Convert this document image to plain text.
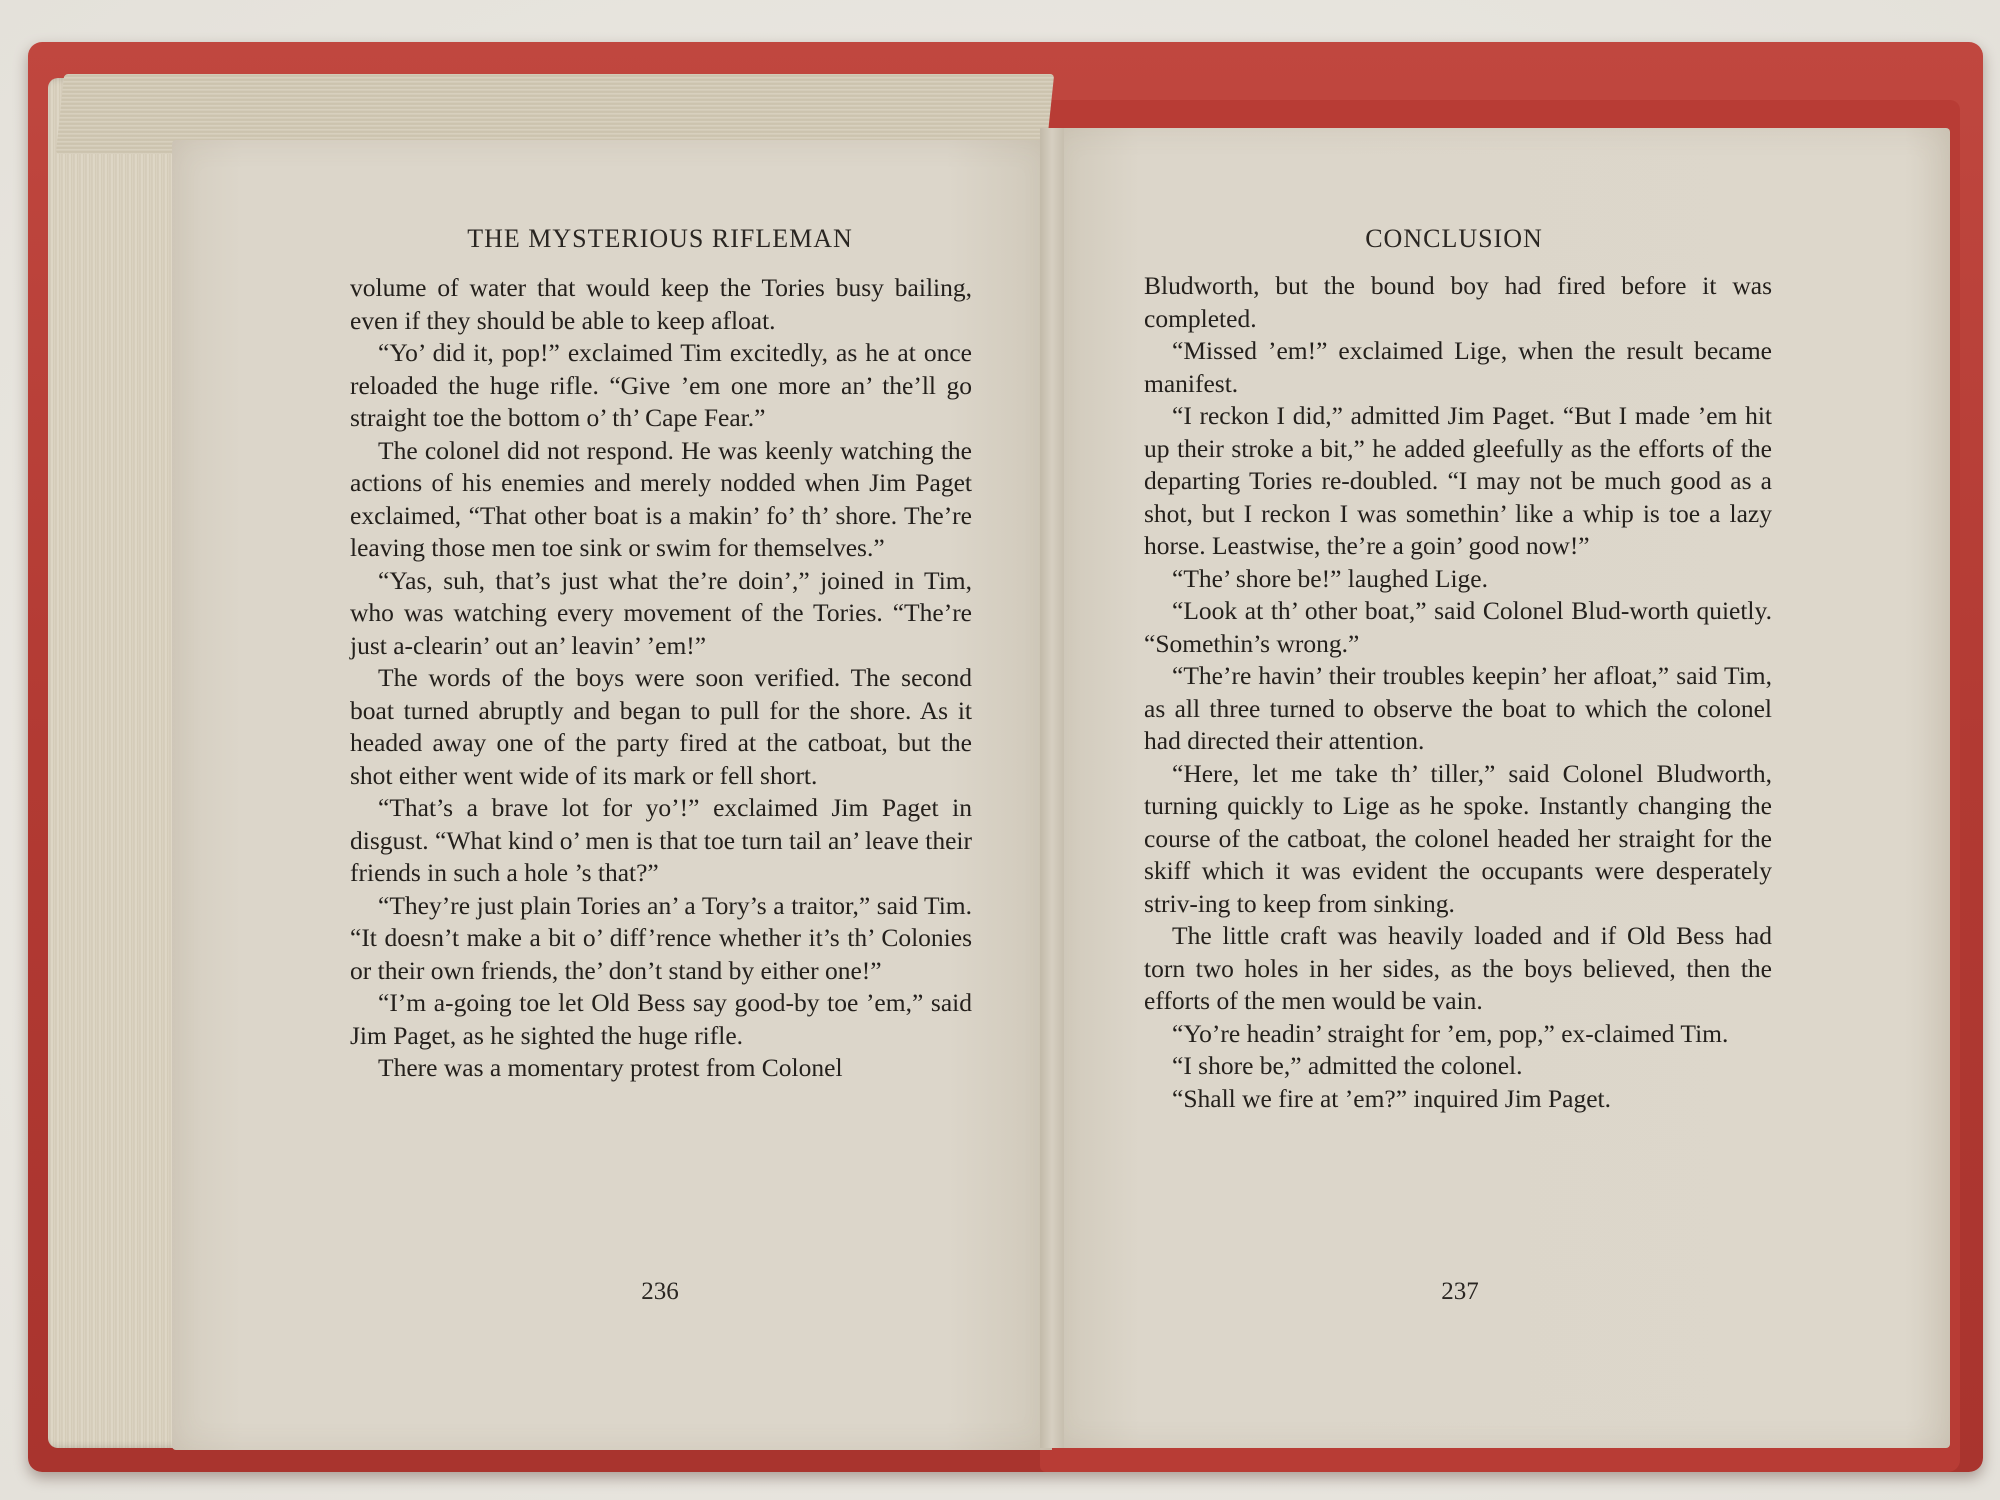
THE MYSTERIOUS RIFLEMAN

volume of water that would keep the Tories busy bailing, even if they should be able to keep afloat.

“Yo’ did it, pop!” exclaimed Tim excitedly, as he at once reloaded the huge rifle. “Give ’em one more an’ the’ll go straight toe the bottom o’ th’ Cape Fear.”

The colonel did not respond. He was keenly watching the actions of his enemies and merely nodded when Jim Paget exclaimed, “That other boat is a makin’ fo’ th’ shore. The’re leaving those men toe sink or swim for themselves.”

“Yas, suh, that’s just what the’re doin’,” joined in Tim, who was watching every movement of the Tories. “The’re just a-clearin’ out an’ leavin’ ’em!”

The words of the boys were soon verified. The second boat turned abruptly and began to pull for the shore. As it headed away one of the party fired at the catboat, but the shot either went wide of its mark or fell short.

“That’s a brave lot for yo’!” exclaimed Jim Paget in disgust. “What kind o’ men is that toe turn tail an’ leave their friends in such a hole ’s that?”

“They’re just plain Tories an’ a Tory’s a traitor,” said Tim. “It doesn’t make a bit o’ diff’rence whether it’s th’ Colonies or their own friends, the’ don’t stand by either one!”

“I’m a-going toe let Old Bess say good-by toe ’em,” said Jim Paget, as he sighted the huge rifle.

There was a momentary protest from Colonel

236
CONCLUSION

Bludworth, but the bound boy had fired before it was completed.

“Missed ’em!” exclaimed Lige, when the result became manifest.

“I reckon I did,” admitted Jim Paget. “But I made ’em hit up their stroke a bit,” he added gleefully as the efforts of the departing Tories re-doubled. “I may not be much good as a shot, but I reckon I was somethin’ like a whip is toe a lazy horse. Leastwise, the’re a goin’ good now!”

“The’ shore be!” laughed Lige.

“Look at th’ other boat,” said Colonel Blud-worth quietly. “Somethin’s wrong.”

“The’re havin’ their troubles keepin’ her afloat,” said Tim, as all three turned to observe the boat to which the colonel had directed their attention.

“Here, let me take th’ tiller,” said Colonel Bludworth, turning quickly to Lige as he spoke. Instantly changing the course of the catboat, the colonel headed her straight for the skiff which it was evident the occupants were desperately striv-ing to keep from sinking.

The little craft was heavily loaded and if Old Bess had torn two holes in her sides, as the boys believed, then the efforts of the men would be vain.

“Yo’re headin’ straight for ’em, pop,” ex-claimed Tim.

“I shore be,” admitted the colonel.

“Shall we fire at ’em?” inquired Jim Paget.

237
